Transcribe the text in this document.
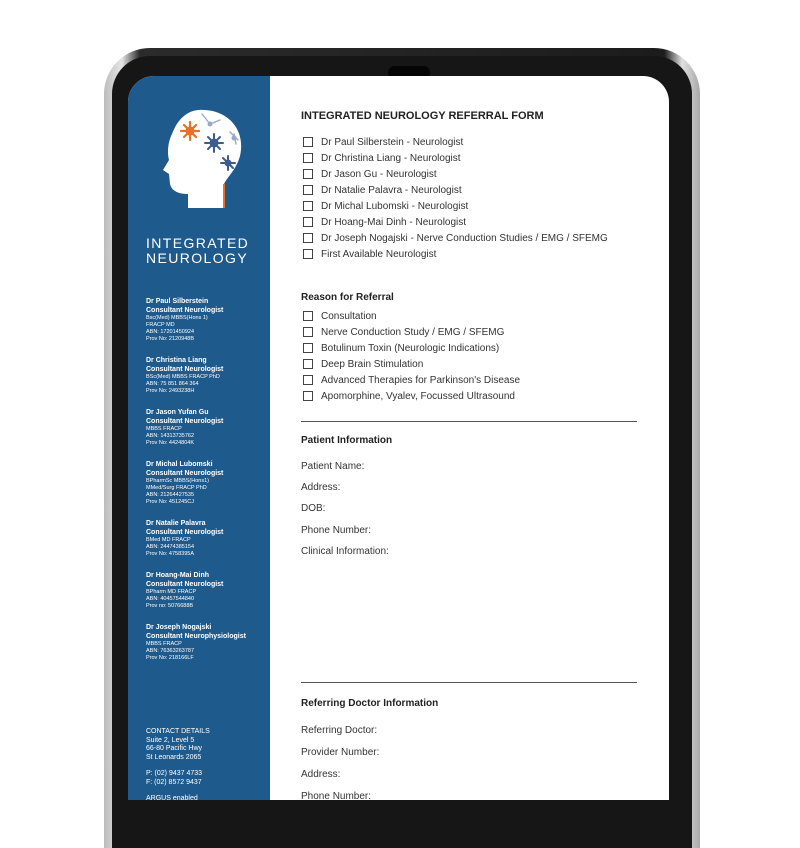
INTEGRATED
NEUROLOGY
Dr Paul Silberstein
Consultant Neurologist
Bsc(Med) MBBS(Hons 1)
FRACP MD
ABN: 17201450924
Prov No: 2120948B
Dr Christina Liang
Consultant Neurologist
BSc(Med) MBBS FRACP PhD
ABN: 75 851 864 364
Prov No: 2493238H
Dr Jason Yufan Gu
Consultant Neurologist
MBBS FRACP
ABN: 14313735762
Prov No: 4424804K
Dr Michal Lubomski
Consultant Neurologist
BPharmSc MBBS(Hons1)
MMed/Surg FRACP PhD
ABN: 21264427535
Prov No: 451245CJ
Dr Natalie Palavra
Consultant Neurologist
BMed MD FRACP
ABN: 24474385154
Prov No: 4758395A
Dr Hoang-Mai Dinh
Consultant Neurologist
BPharm MD FRACP
ABN: 40457544840
Prov no: 5076688B
Dr Joseph Nogajski
Consultant Neurophysiologist
MBBS FRACP
ABN: 76363263787
Prov No: 218166LF
CONTACT DETAILS
Suite 2, Level 5
66-80 Pacific Hwy
St Leonards 2065
P: (02) 9437 4733
F: (02) 8572 9437
ARGUS enabled
INTEGRATED NEUROLOGY REFERRAL FORM
Dr Paul Silberstein - Neurologist
Dr Christina Liang - Neurologist
Dr Jason Gu - Neurologist
Dr Natalie Palavra - Neurologist
Dr Michal Lubomski - Neurologist
Dr Hoang-Mai Dinh - Neurologist
Dr Joseph Nogajski - Nerve Conduction Studies / EMG / SFEMG
First Available Neurologist
Reason for Referral
Consultation
Nerve Conduction Study / EMG / SFEMG
Botulinum Toxin (Neurologic Indications)
Deep Brain Stimulation
Advanced Therapies for Parkinson's Disease
Apomorphine, Vyalev, Focussed Ultrasound
Patient Information
Patient Name:
Address:
DOB:
Phone Number:
Clinical Information:
Referring Doctor Information
Referring Doctor:
Provider Number:
Address:
Phone Number:
